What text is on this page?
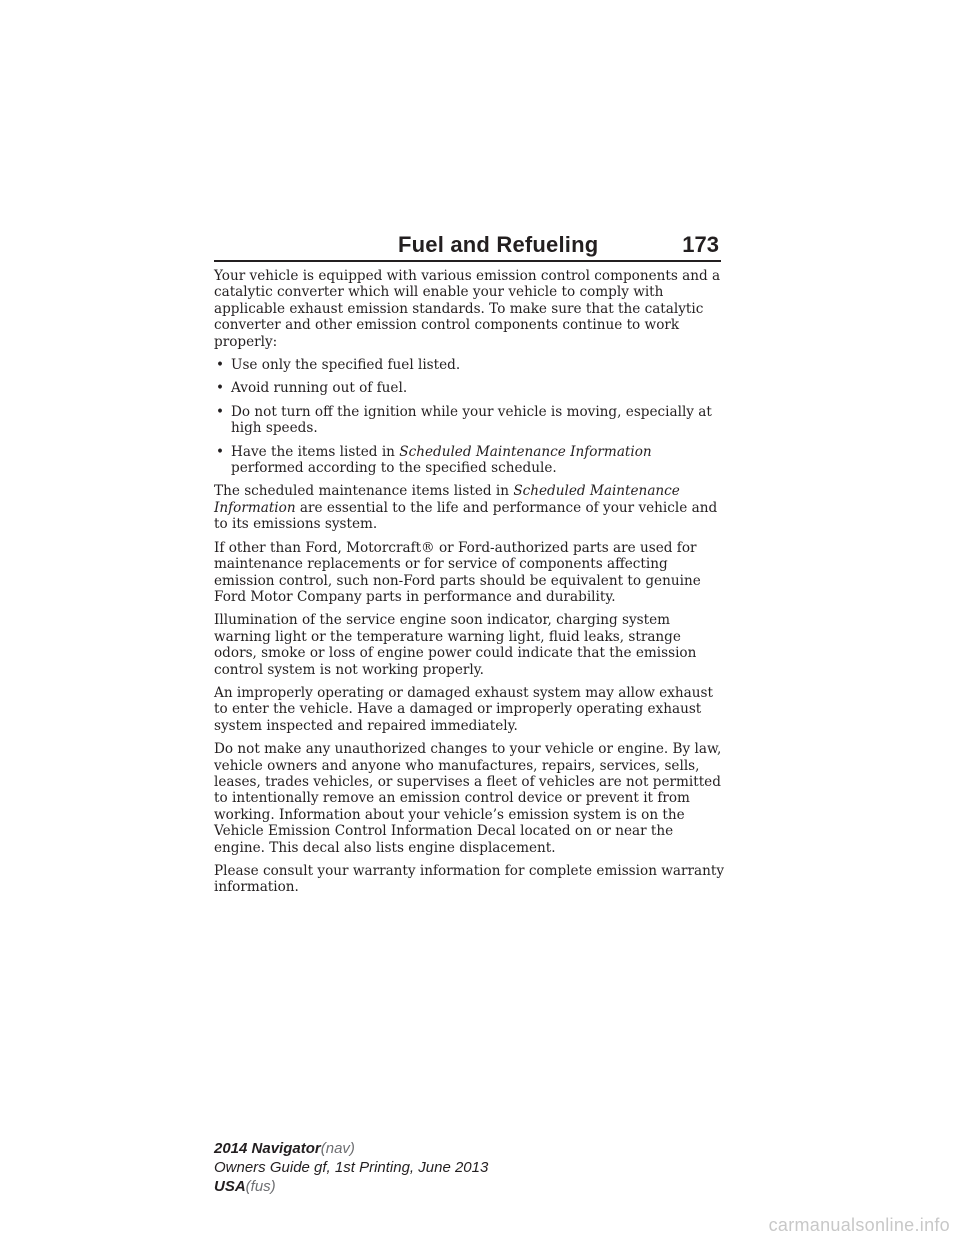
Fuel and Refueling	173

Your vehicle is equipped with various emission control components and a catalytic converter which will enable your vehicle to comply with applicable exhaust emission standards. To make sure that the catalytic converter and other emission control components continue to work properly:

• Use only the specified fuel listed.
• Avoid running out of fuel.
• Do not turn off the ignition while your vehicle is moving, especially at high speeds.
• Have the items listed in Scheduled Maintenance Information performed according to the specified schedule.

The scheduled maintenance items listed in Scheduled Maintenance Information are essential to the life and performance of your vehicle and to its emissions system.

If other than Ford, Motorcraft® or Ford-authorized parts are used for maintenance replacements or for service of components affecting emission control, such non-Ford parts should be equivalent to genuine Ford Motor Company parts in performance and durability.

Illumination of the service engine soon indicator, charging system warning light or the temperature warning light, fluid leaks, strange odors, smoke or loss of engine power could indicate that the emission control system is not working properly.

An improperly operating or damaged exhaust system may allow exhaust to enter the vehicle. Have a damaged or improperly operating exhaust system inspected and repaired immediately.

Do not make any unauthorized changes to your vehicle or engine. By law, vehicle owners and anyone who manufactures, repairs, services, sells, leases, trades vehicles, or supervises a fleet of vehicles are not permitted to intentionally remove an emission control device or prevent it from working. Information about your vehicle’s emission system is on the Vehicle Emission Control Information Decal located on or near the engine. This decal also lists engine displacement.

Please consult your warranty information for complete emission warranty information.

2014 Navigator(nav)
Owners Guide gf, 1st Printing, June 2013
USA(fus)
carmanualsonline.info
